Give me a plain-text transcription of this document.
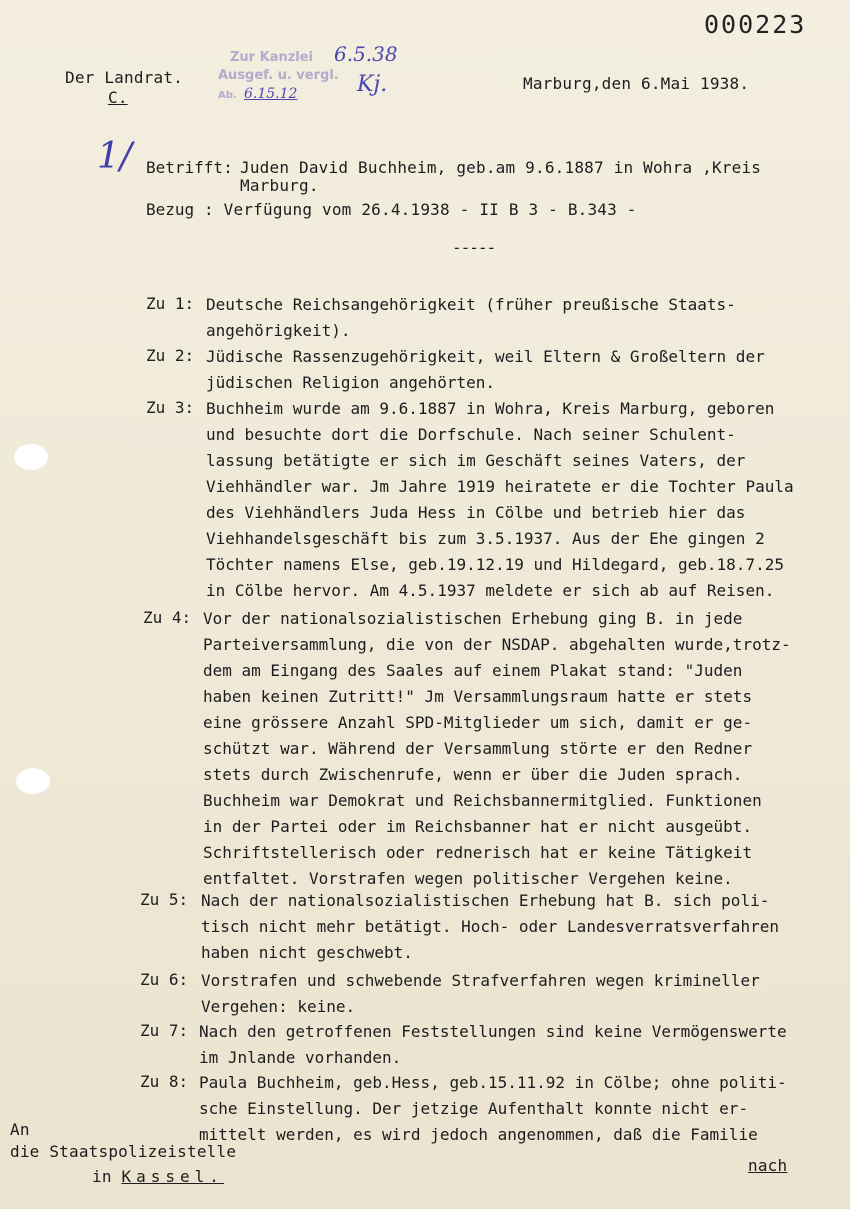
000223
Der Landrat.
C.
Zur Kanzlei
Ausgef. u. vergl.
Ab.
6.5.38
Kj.
6.15.12
1/
Marburg,den 6.Mai 1938.
Betrifft: Juden David Buchheim, geb.am 9.6.1887 in Wohra ,Kreis
Marburg.
Bezug : Verfügung vom 26.4.1938 - II B 3 - B.343 -
-----
Zu 1: Deutsche Reichsangehörigkeit (früher preußische Staats-
angehörigkeit).
Zu 2: Jüdische Rassenzugehörigkeit, weil Eltern & Großeltern der
jüdischen Religion angehörten.
Zu 3: Buchheim wurde am 9.6.1887 in Wohra, Kreis Marburg, geboren
und besuchte dort die Dorfschule. Nach seiner Schulent-
lassung betätigte er sich im Geschäft seines Vaters, der
Viehhändler war. Jm Jahre 1919 heiratete er die Tochter Paula
des Viehhändlers Juda Hess in Cölbe und betrieb hier das
Viehhandelsgeschäft bis zum 3.5.1937. Aus der Ehe gingen 2
Töchter namens Else, geb.19.12.19 und Hildegard, geb.18.7.25
in Cölbe hervor. Am 4.5.1937 meldete er sich ab auf Reisen.
Zu 4: Vor der nationalsozialistischen Erhebung ging B. in jede
Parteiversammlung, die von der NSDAP. abgehalten wurde,trotz-
dem am Eingang des Saales auf einem Plakat stand: "Juden
haben keinen Zutritt!" Jm Versammlungsraum hatte er stets
eine grössere Anzahl SPD-Mitglieder um sich, damit er ge-
schützt war. Während der Versammlung störte er den Redner
stets durch Zwischenrufe, wenn er über die Juden sprach.
Buchheim war Demokrat und Reichsbannermitglied. Funktionen
in der Partei oder im Reichsbanner hat er nicht ausgeübt.
Schriftstellerisch oder rednerisch hat er keine Tätigkeit
entfaltet. Vorstrafen wegen politischer Vergehen keine.
Zu 5: Nach der nationalsozialistischen Erhebung hat B. sich poli-
tisch nicht mehr betätigt. Hoch- oder Landesverratsverfahren
haben nicht geschwebt.
Zu 6: Vorstrafen und schwebende Strafverfahren wegen krimineller
Vergehen: keine.
Zu 7: Nach den getroffenen Feststellungen sind keine Vermögenswerte
im Jnlande vorhanden.
Zu 8: Paula Buchheim, geb.Hess, geb.15.11.92 in Cölbe; ohne politi-
sche Einstellung. Der jetzige Aufenthalt konnte nicht er-
mittelt werden, es wird jedoch angenommen, daß die Familie
An
die Staatspolizeistelle
in Kassel.
nach
